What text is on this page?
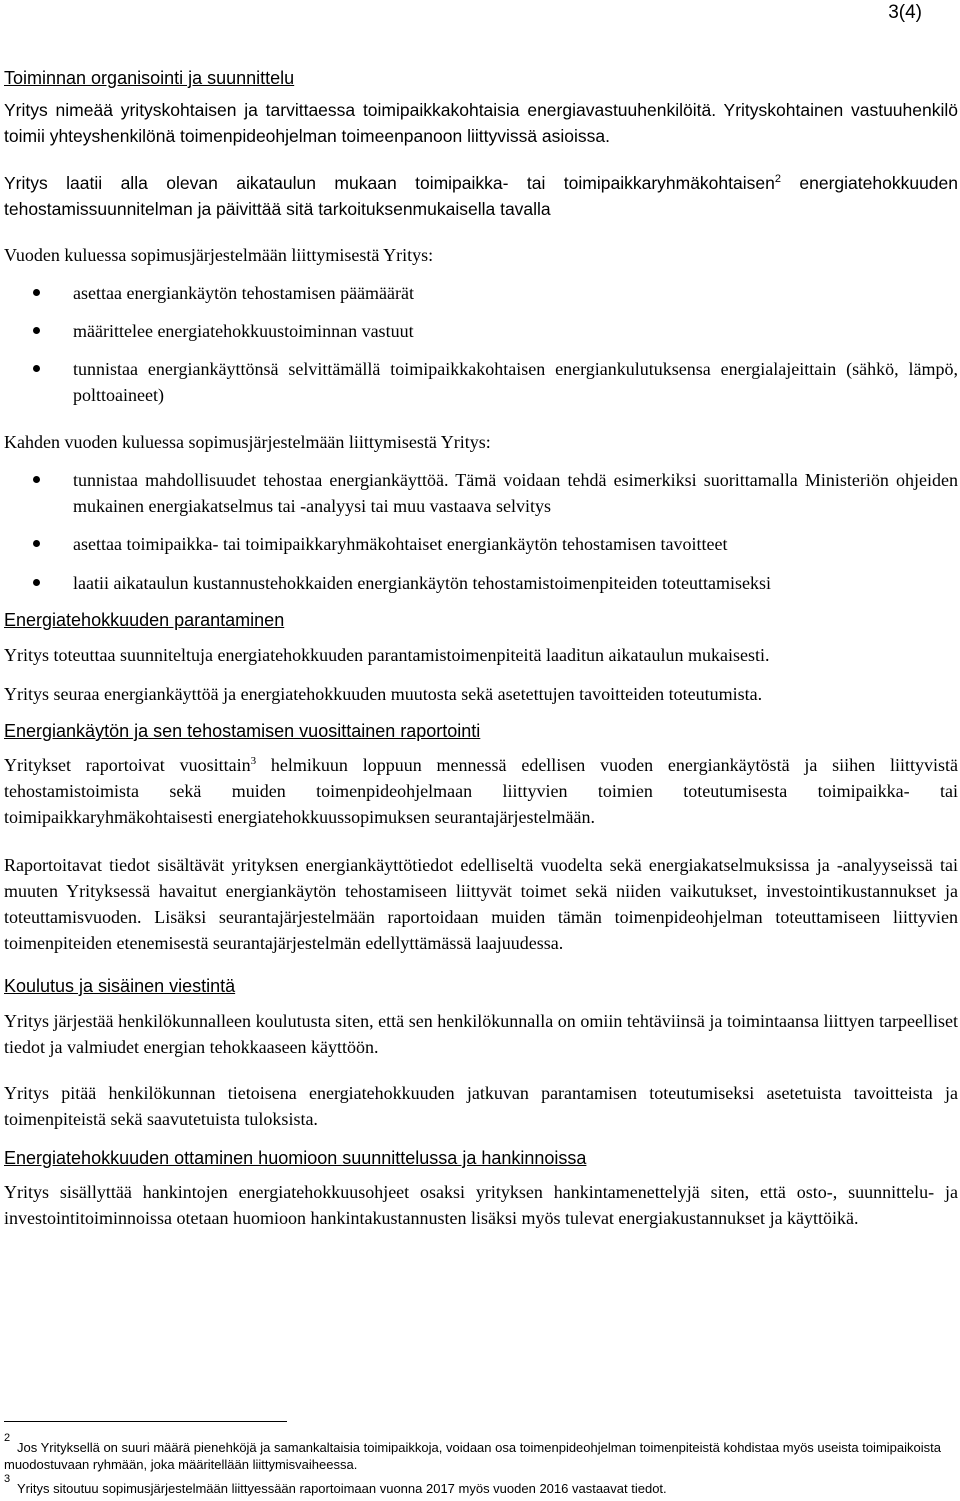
3(4)
Toiminnan organisointi ja suunnittelu

Yritys nimeää yrityskohtaisen ja tarvittaessa toimipaikkakohtaisia energiavastuuhenkilöitä. Yrityskohtainen vastuuhenkilö toimii yhteyshenkilönä toimenpideohjelman toimeenpanoon liittyvissä asioissa.

Yritys laatii alla olevan aikataulun mukaan toimipaikka- tai toimipaikkaryhmäkohtaisen$^2$ energiatehokkuuden tehostamissuunnitelman ja päivittää sitä tarkoituksenmukaisella tavalla

Vuoden kuluessa sopimusjärjestelmään liittymisestä Yritys:

asettaa energiankäytön tehostamisen päämäärät
määrittelee energiatehokkuustoiminnan vastuut
tunnistaa energiankäyttönsä selvittämällä toimipaikkakohtaisen energiankulutuksensa energialajeittain (sähkö, lämpö, polttoaineet)

Kahden vuoden kuluessa sopimusjärjestelmään liittymisestä Yritys:

tunnistaa mahdollisuudet tehostaa energiankäyttöä. Tämä voidaan tehdä esimerkiksi suorittamalla Ministeriön ohjeiden mukainen energiakatselmus tai -analyysi tai muu vastaava selvitys
asettaa toimipaikka- tai toimipaikkaryhmäkohtaiset energiankäytön tehostamisen tavoitteet
laatii aikataulun kustannustehokkaiden energiankäytön tehostamistoimenpiteiden toteuttamiseksi
Energiatehokkuuden parantaminen

Yritys toteuttaa suunniteltuja energiatehokkuuden parantamistoimenpiteitä laaditun aikataulun mukaisesti.

Yritys seuraa energiankäyttöä ja energiatehokkuuden muutosta sekä asetettujen tavoitteiden toteutumista.

Energiankäytön ja sen tehostamisen vuosittainen raportointi

Yritykset raportoivat vuosittain$^3$ helmikuun loppuun mennessä edellisen vuoden energiankäytöstä ja siihen liittyvistä tehostamistoimista sekä muiden toimenpideohjelmaan liittyvien toimien toteutumisesta toimipaikka- tai toimipaikkaryhmäkohtaisesti energiatehokkuussopimuksen seurantajärjestelmään.

Raportoitavat tiedot sisältävät yrityksen energiankäyttötiedot edelliseltä vuodelta sekä energiakatselmuksissa ja -analyyseissä tai muuten Yrityksessä havaitut energiankäytön tehostamiseen liittyvät toimet sekä niiden vaikutukset, investointikustannukset ja toteuttamisvuoden. Lisäksi seurantajärjestelmään raportoidaan muiden tämän toimenpideohjelman toteuttamiseen liittyvien toimenpiteiden etenemisestä seurantajärjestelmän edellyttämässä laajuudessa.

Koulutus ja sisäinen viestintä

Yritys järjestää henkilökunnalleen koulutusta siten, että sen henkilökunnalla on omiin tehtäviinsä ja toimintaansa liittyen tarpeelliset tiedot ja valmiudet energian tehokkaaseen käyttöön.

Yritys pitää henkilökunnan tietoisena energiatehokkuuden jatkuvan parantamisen toteutumiseksi asetetuista tavoitteista ja toimenpiteistä sekä saavutetuista tuloksista.

Energiatehokkuuden ottaminen huomioon suunnittelussa ja hankinnoissa

Yritys sisällyttää hankintojen energiatehokkuusohjeet osaksi yrityksen hankintamenettelyjä siten, että osto-, suunnittelu- ja investointitoiminnoissa otetaan huomioon hankintakustannusten lisäksi myös tulevat energiakustannukset ja käyttöikä.

2
Jos Yrityksellä on suuri määrä pienehköjä ja samankaltaisia toimipaikkoja, voidaan osa toimenpideohjelman toimenpiteistä kohdistaa myös useista toimipaikoista muodostuvaan ryhmään, joka määritellään liittymisvaiheessa.
3
Yritys sitoutuu sopimusjärjestelmään liittyessään raportoimaan vuonna 2017 myös vuoden 2016 vastaavat tiedot.
